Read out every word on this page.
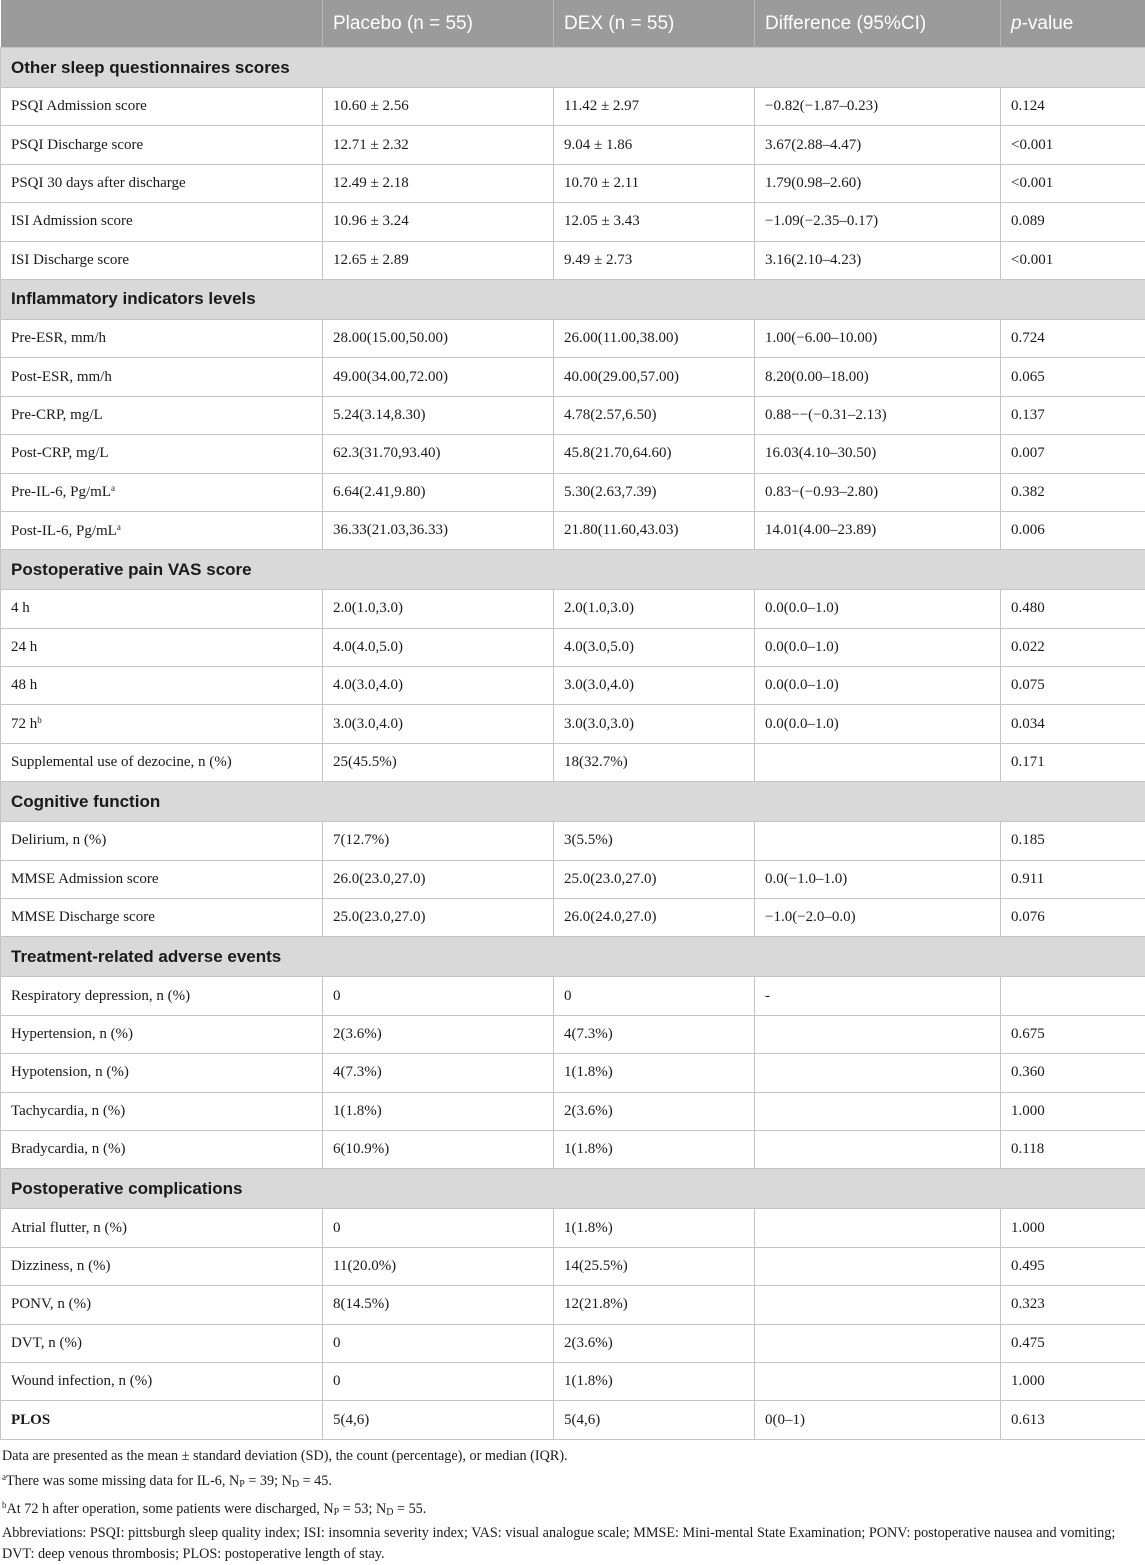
	Placebo (n = 55)	DEX (n = 55)	Difference (95%CI)	p-value
Other sleep questionnaires scores				
PSQI Admission score	10.60 ± 2.56	11.42 ± 2.97	−0.82(−1.87–0.23)	0.124
PSQI Discharge score	12.71 ± 2.32	9.04 ± 1.86	3.67(2.88–4.47)	<0.001
PSQI 30 days after discharge	12.49 ± 2.18	10.70 ± 2.11	1.79(0.98–2.60)	<0.001
ISI Admission score	10.96 ± 3.24	12.05 ± 3.43	−1.09(−2.35–0.17)	0.089
ISI Discharge score	12.65 ± 2.89	9.49 ± 2.73	3.16(2.10–4.23)	<0.001
Inflammatory indicators levels				
Pre-ESR, mm/h	28.00(15.00,50.00)	26.00(11.00,38.00)	1.00(−6.00–10.00)	0.724
Post-ESR, mm/h	49.00(34.00,72.00)	40.00(29.00,57.00)	8.20(0.00–18.00)	0.065
Pre-CRP, mg/L	5.24(3.14,8.30)	4.78(2.57,6.50)	0.88−−(−0.31–2.13)	0.137
Post-CRP, mg/L	62.3(31.70,93.40)	45.8(21.70,64.60)	16.03(4.10–30.50)	0.007
Pre-IL-6, $Pg/mL^a$	6.64(2.41,9.80)	5.30(2.63,7.39)	0.83−(−0.93–2.80)	0.382
Post-IL-6, $Pg/mL^a$	36.33(21.03,36.33)	21.80(11.60,43.03)	14.01(4.00–23.89)	0.006
Postoperative pain VAS score				
4 h	2.0(1.0,3.0)	2.0(1.0,3.0)	0.0(0.0–1.0)	0.480
24 h	4.0(4.0,5.0)	4.0(3.0,5.0)	0.0(0.0–1.0)	0.022
48 h	4.0(3.0,4.0)	3.0(3.0,4.0)	0.0(0.0–1.0)	0.075
72 $h^b$	3.0(3.0,4.0)	3.0(3.0,3.0)	0.0(0.0–1.0)	0.034
Supplemental use of dezocine, n (%)	25(45.5%)	18(32.7%)		0.171
Cognitive function				
Delirium, n (%)	7(12.7%)	3(5.5%)		0.185
MMSE Admission score	26.0(23.0,27.0)	25.0(23.0,27.0)	0.0(−1.0–1.0)	0.911
MMSE Discharge score	25.0(23.0,27.0)	26.0(24.0,27.0)	−1.0(−2.0–0.0)	0.076
Treatment-related adverse events				
Respiratory depression, n (%)	0	0	-	
Hypertension, n (%)	2(3.6%)	4(7.3%)		0.675
Hypotension, n (%)	4(7.3%)	1(1.8%)		0.360
Tachycardia, n (%)	1(1.8%)	2(3.6%)		1.000
Bradycardia, n (%)	6(10.9%)	1(1.8%)		0.118
Postoperative complications				
Atrial flutter, n (%)	0	1(1.8%)		1.000
Dizziness, n (%)	11(20.0%)	14(25.5%)		0.495
PONV, n (%)	8(14.5%)	12(21.8%)		0.323
DVT, n (%)	0	2(3.6%)		0.475
Wound infection, n (%)	0	1(1.8%)		1.000
PLOS	5(4,6)	5(4,6)	0(0–1)	0.613

Data are presented as the mean ± standard deviation (SD), the count (percentage), or median (IQR).

$^a$There was some missing data for IL-6, $N_P = 39$; $N_D = 45$.

$^b$At 72 h after operation, some patients were discharged, $N_P = 53$; $N_D = 55$.

Abbreviations: PSQI: pittsburgh sleep quality index; ISI: insomnia severity index; VAS: visual analogue scale; MMSE: Mini-mental State Examination; PONV: postoperative nausea and vomiting; DVT: deep venous thrombosis; PLOS: postoperative length of stay.
